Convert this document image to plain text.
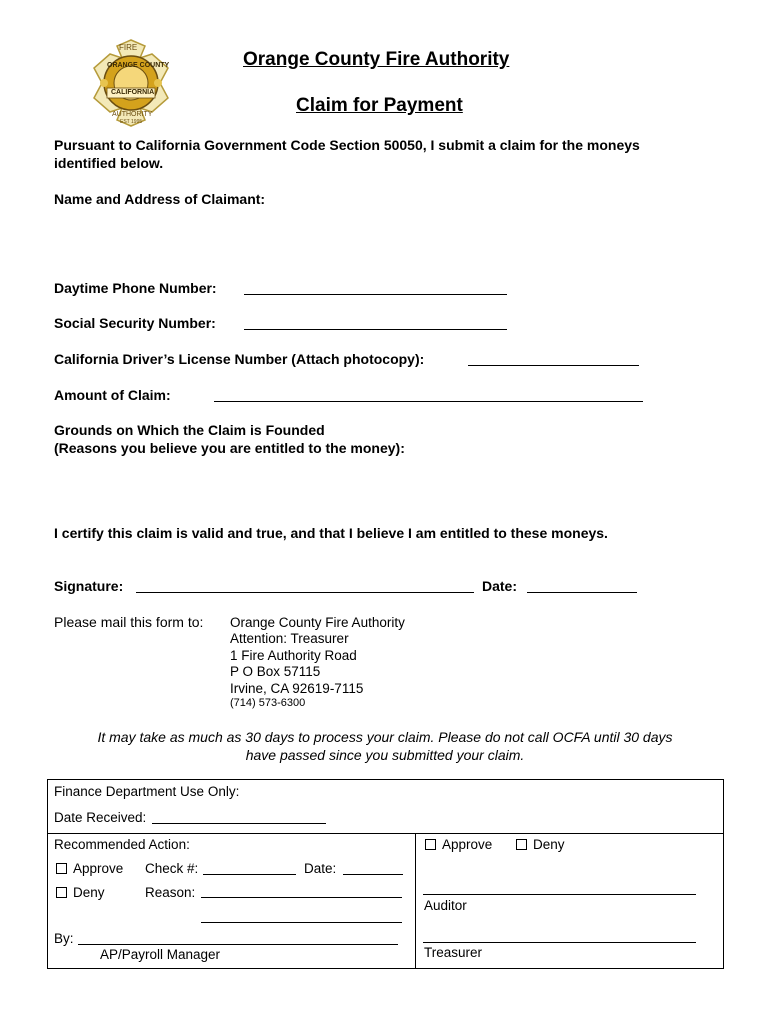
FIRE
ORANGE COUNTY
CALIFORNIA
AUTHORITY
EST 1995
Orange County Fire Authority
Claim for Payment
Pursuant to California Government Code Section 50050, I submit a claim for the moneys identified below.
Name and Address of Claimant:
Daytime Phone Number:
Social Security Number:
California Driver’s License Number (Attach photocopy):
Amount of Claim:
Grounds on Which the Claim is Founded
(Reasons you believe you are entitled to the money):
I certify this claim is valid and true, and that I believe I am entitled to these moneys.
Signature:	Date:
Please mail this form to: Orange County Fire Authority
Attention: Treasurer
1 Fire Authority Road
P O Box 57115
Irvine, CA 92619-7115
(714) 573-6300
It may take as much as 30 days to process your claim. Please do not call OCFA until 30 days
have passed since you submitted your claim.
Finance Department Use Only:
Date Received:
Recommended Action:
Approve Check #:	Date:
Deny	Reason:
By:
AP/Payroll Manager
Approve	Deny
Auditor
Treasurer
